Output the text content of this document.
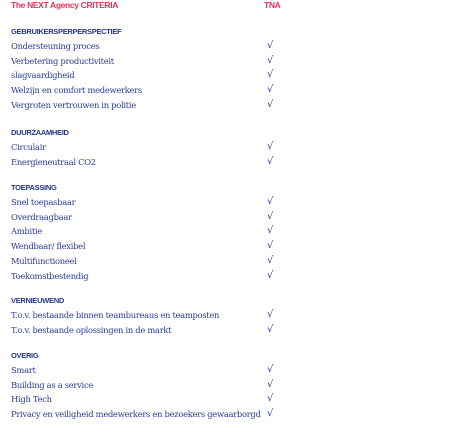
The NEXT Agency CRITERIA	TNA
GEBRUIKERSPERPERSPECTIEF
Ondersteuning proces	√
Verbetering productiviteit	√
slagvaardigheid	√
Welzijn en comfort medewerkers	√
Vergroten vertrouwen in politie	√
DUURZAAMHEID
Circulair	√
Energieneutraal CO2	√
TOEPASSING
Snel toepasbaar	√
Overdraagbaar	√
Ambitie	√
Wendbaar/ flexibel	√
Multifunctioneel	√
Toekomstbestendig	√
VERNIEUWEND
T.o.v. bestaande binnen teambureaus en teamposten	√
T.o.v. bestaande oplossingen in de markt	√
OVERIG
Smart	√
Building as a service	√
High Tech	√
Privacy en veiligheid medewerkers en bezoekers gewaarborgd √
